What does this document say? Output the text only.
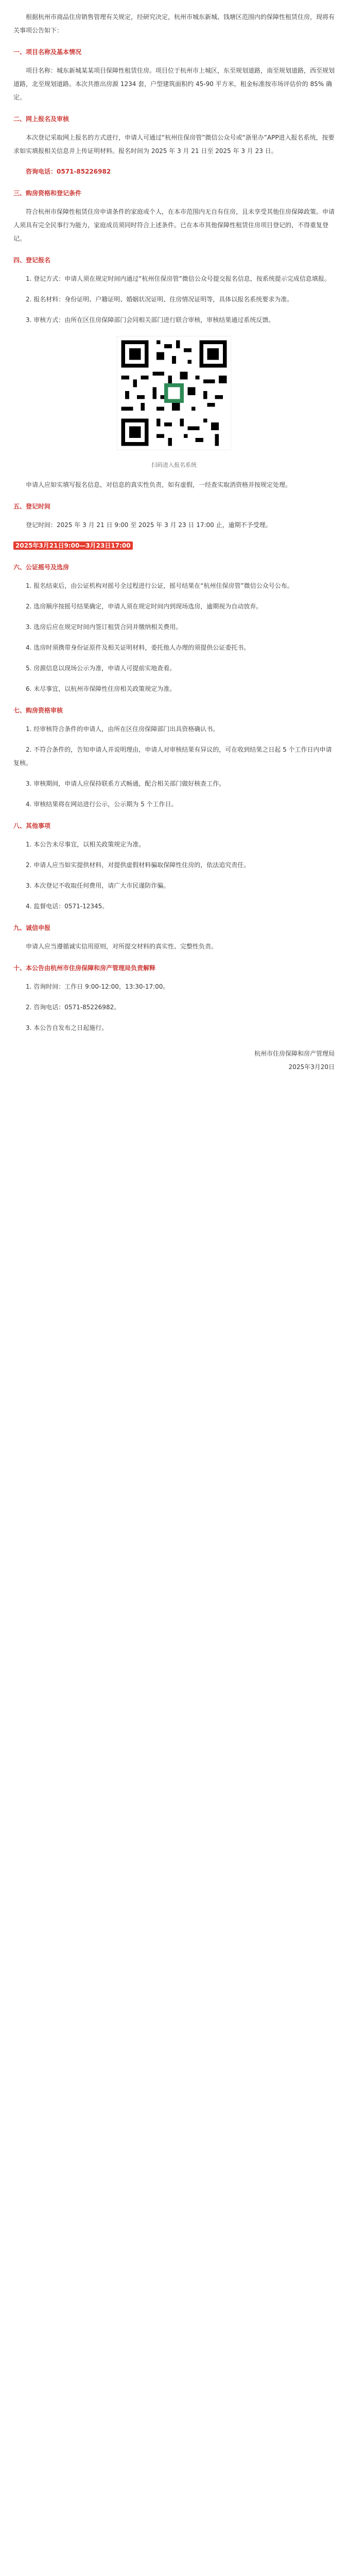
根据杭州市商品住房销售管理有关规定，经研究决定，杭州市城东新城、钱塘区范围内的保障性租赁住房，现将有关事项公告如下：

一、项目名称及基本情况

项目名称：城东新城某某项目保障性租赁住房。项目位于杭州市上城区，东至规划道路，南至规划道路，西至规划道路，北至规划道路。本次共推出房源 1234 套，户型建筑面积约 45-90 平方米，租金标准按市场评估价的 85% 确定。

二、网上报名及审核

本次登记采取网上报名的方式进行，申请人可通过“杭州住保房管”微信公众号或“浙里办”APP进入报名系统，按要求如实填报相关信息并上传证明材料。报名时间为 2025 年 3 月 21 日至 2025 年 3 月 23 日。

咨询电话：0571-85226982

三、购房资格和登记条件

符合杭州市保障性租赁住房申请条件的家庭或个人，在本市范围内无自有住房，且未享受其他住房保障政策。申请人须具有完全民事行为能力，家庭成员须同时符合上述条件。已在本市其他保障性租赁住房项目登记的，不得重复登记。

四、登记报名

1. 登记方式：申请人须在规定时间内通过“杭州住保房管”微信公众号提交报名信息，按系统提示完成信息填报。

2. 报名材料：身份证明、户籍证明、婚姻状况证明、住房情况证明等，具体以报名系统要求为准。

3. 审核方式：由所在区住房保障部门会同相关部门进行联合审核，审核结果通过系统反馈。

扫码进入报名系统

申请人应如实填写报名信息，对信息的真实性负责，如有虚假，一经查实取消资格并按规定处理。

五、登记时间

登记时间：2025 年 3 月 21 日 9:00 至 2025 年 3 月 23 日 17:00 止，逾期不予受理。

2025年3月21日9:00—3月23日17:00

六、公证摇号及选房

1. 报名结束后，由公证机构对摇号全过程进行公证，摇号结果在“杭州住保房管”微信公众号公布。

2. 选房顺序按摇号结果确定，申请人须在规定时间内到现场选房，逾期视为自动放弃。

3. 选房后应在规定时间内签订租赁合同并缴纳相关费用。

4. 选房时须携带身份证原件及相关证明材料，委托他人办理的须提供公证委托书。

5. 房源信息以现场公示为准，申请人可提前实地查看。

6. 未尽事宜，以杭州市保障性住房相关政策规定为准。

七、购房资格审核

1. 经审核符合条件的申请人，由所在区住房保障部门出具资格确认书。

2. 不符合条件的，告知申请人并说明理由，申请人对审核结果有异议的，可在收到结果之日起 5 个工作日内申请复核。

3. 审核期间，申请人应保持联系方式畅通，配合相关部门做好核查工作。

4. 审核结果将在网站进行公示，公示期为 5 个工作日。

八、其他事项

1. 本公告未尽事宜，以相关政策规定为准。

2. 申请人应当如实提供材料，对提供虚假材料骗取保障性住房的，依法追究责任。

3. 本次登记不收取任何费用，请广大市民谨防诈骗。

4. 监督电话：0571-12345。

九、诚信申报

申请人应当遵循诚实信用原则，对所提交材料的真实性、完整性负责。

十、本公告由杭州市住房保障和房产管理局负责解释

1. 咨询时间：工作日 9:00-12:00，13:30-17:00。

2. 咨询电话：0571-85226982。

3. 本公告自发布之日起施行。

杭州市住房保障和房产管理局
2025年3月20日
